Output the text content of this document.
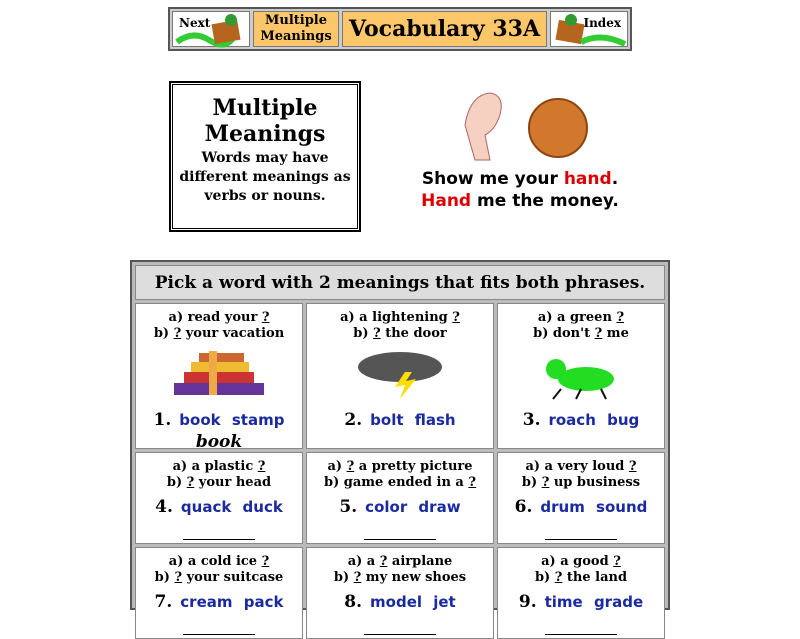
Next	Multiple Meanings Vocabulary 33A	Index
Multiple Meanings

Words may have different meanings as verbs or nouns.

Show me your hand.
Hand me the money.
Pick a word with 2 meanings that fits both phrases.
a) read your ?
b) ? your vacation
1. book stamp
book
a) a lightening ?
b) ? the door
2. bolt flash
a) a green ?
b) don't ? me
3. roach bug
a) a plastic ?
b) ? your head
4. quack duck
a) ? a pretty picture
b) game ended in a ?
5. color draw
a) a very loud ?
b) ? up business
6. drum sound
a) a cold ice ?
b) ? your suitcase
7. cream pack
a) a ? airplane
b) ? my new shoes
8. model jet
a) a good ?
b) ? the land
9. time grade
